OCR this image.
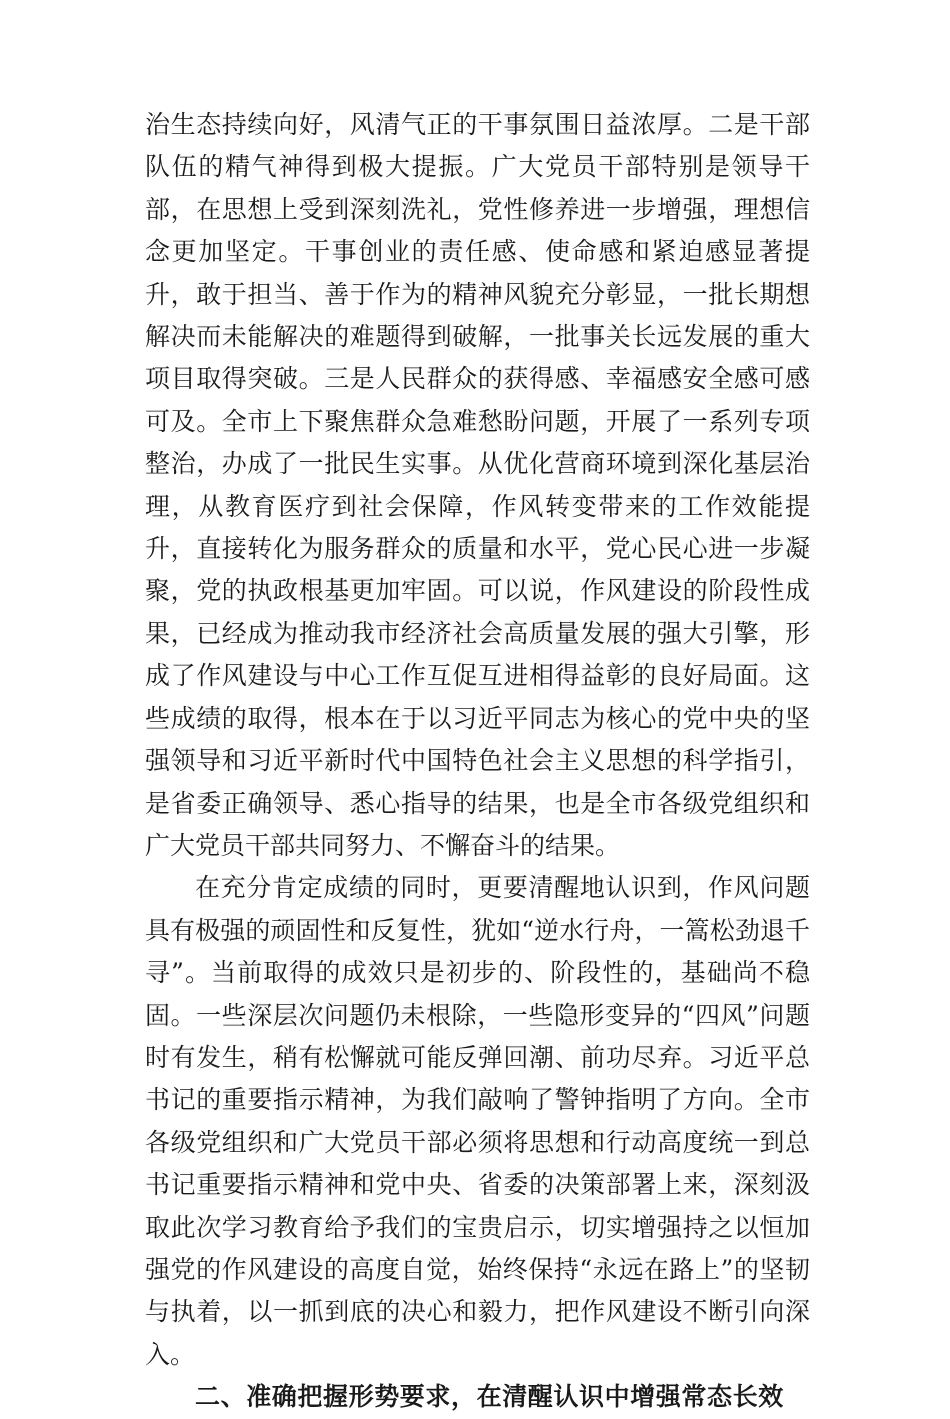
治生态持续向好，风清气正的干事氛围日益浓厚。二是干部队伍的精气神得到极大提振。广大党员干部特别是领导干部，在思想上受到深刻洗礼，党性修养进一步增强，理想信念更加坚定。干事创业的责任感、使命感和紧迫感显著提升，敢于担当、善于作为的精神风貌充分彰显，一批长期想解决而未能解决的难题得到破解，一批事关长远发展的重大项目取得突破。三是人民群众的获得感、幸福感安全感可感可及。全市上下聚焦群众急难愁盼问题，开展了一系列专项整治，办成了一批民生实事。从优化营商环境到深化基层治理，从教育医疗到社会保障，作风转变带来的工作效能提升，直接转化为服务群众的质量和水平，党心民心进一步凝聚，党的执政根基更加牢固。可以说，作风建设的阶段性成果，已经成为推动我市经济社会高质量发展的强大引擎，形成了作风建设与中心工作互促互进相得益彰的良好局面。这些成绩的取得，根本在于以习近平同志为核心的党中央的坚强领导和习近平新时代中国特色社会主义思想的科学指引，是省委正确领导、悉心指导的结果，也是全市各级党组织和广大党员干部共同努力、不懈奋斗的结果。

在充分肯定成绩的同时，更要清醒地认识到，作风问题具有极强的顽固性和反复性，犹如“逆水行舟，一篙松劲退千寻”。当前取得的成效只是初步的、阶段性的，基础尚不稳固。一些深层次问题仍未根除，一些隐形变异的“四风”问题时有发生，稍有松懈就可能反弹回潮、前功尽弃。习近平总书记的重要指示精神，为我们敲响了警钟指明了方向。全市各级党组织和广大党员干部必须将思想和行动高度统一到总书记重要指示精神和党中央、省委的决策部署上来，深刻汲取此次学习教育给予我们的宝贵启示，切实增强持之以恒加强党的作风建设的高度自觉，始终保持“永远在路上”的坚韧与执着，以一抓到底的决心和毅力，把作风建设不断引向深入。

二、准确把握形势要求，在清醒认识中增强常态长效
